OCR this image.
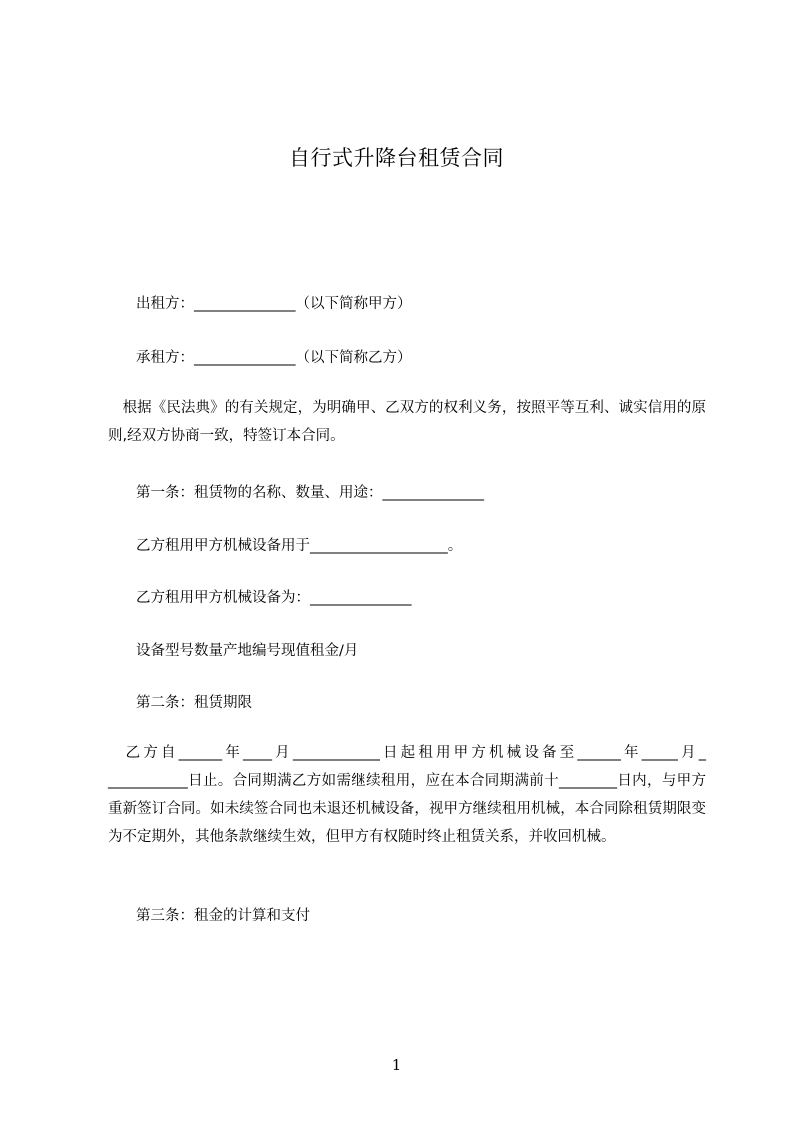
自行式升降台租赁合同
出租方：______________（以下简称甲方）
承租方：______________（以下简称乙方）
　根据《民法典》的有关规定，为明确甲、乙双方的权利义务，按照平等互利、诚实信用的原则,经双方协商一致，特签订本合同。
第一条：租赁物的名称、数量、用途：______________
乙方租用甲方机械设备用于___________________。
乙方租用甲方机械设备为：______________
设备型号数量产地编号现值租金/月
第二条：租赁期限
　乙方自______年____月____________日起租用甲方机械设备至______年_____月_ ___________日止。合同期满乙方如需继续租用，应在本合同期满前十________日内，与甲方重新签订合同。如未续签合同也未退还机械设备，视甲方继续租用机械，本合同除租赁期限变为不定期外，其他条款继续生效，但甲方有权随时终止租赁关系，并收回机械。
第三条：租金的计算和支付
1
